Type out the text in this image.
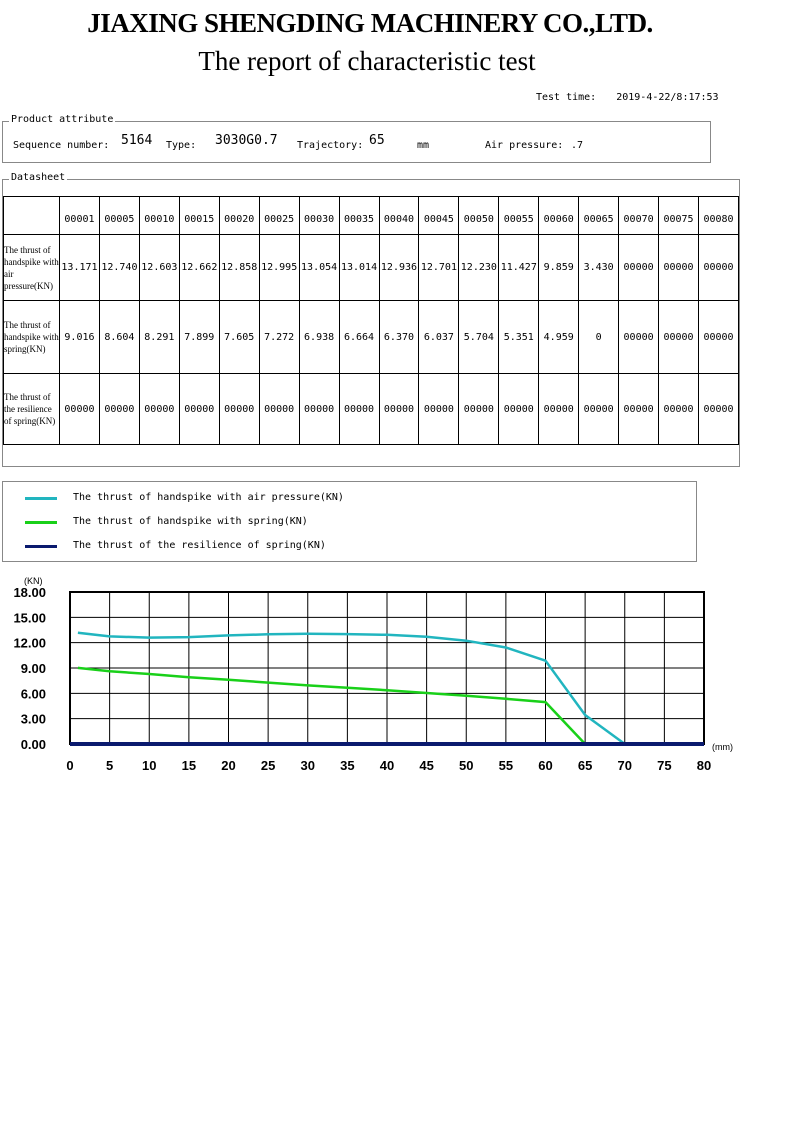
JIAXING SHENGDING MACHINERY CO.,LTD.
The report of characteristic test
Test time: 2019-4-22/8:17:53
Product attribute
Sequence number: 5164 Type: 3030G0.7 Trajectory: 65	mm	Air pressure: .7
Datasheet
	00001	00005	00010	00015	00020	00025	00030	00035	00040	00045	00050	00055	00060	00065	00070	00075	00080
The thrust of handspike with air pressure(KN)	13.171	12.740	12.603	12.662	12.858	12.995	13.054	13.014	12.936	12.701	12.230	11.427	9.859	3.430	00000	00000	00000
The thrust of handspike with spring(KN)	9.016	8.604	8.291	7.899	7.605	7.272	6.938	6.664	6.370	6.037	5.704	5.351	4.959	0	00000	00000	00000
The thrust of the resilience of spring(KN)	00000	00000	00000	00000	00000	00000	00000	00000	00000	00000	00000	00000	00000	00000	00000	00000	00000
The thrust of handspike with air pressure(KN)
The thrust of handspike with spring(KN)
The thrust of the resilience of spring(KN)
0 5 10 15 20 25 30 35 40 45 50 55 60 65 70 75 80
0.00
3.00
6.00
9.00
12.00
15.00
18.00
(KN)
(mm)
